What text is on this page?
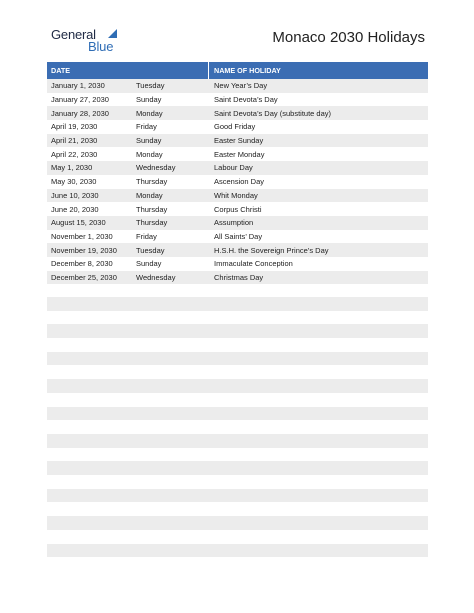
General
Blue
Monaco 2030 Holidays
DATE	NAME OF HOLIDAY
January 1, 2030	Tuesday	New Year’s Day
January 27, 2030	Sunday	Saint Devota’s Day
January 28, 2030	Monday	Saint Devota’s Day (substitute day)
April 19, 2030	Friday	Good Friday
April 21, 2030	Sunday	Easter Sunday
April 22, 2030	Monday	Easter Monday
May 1, 2030	Wednesday	Labour Day
May 30, 2030	Thursday	Ascension Day
June 10, 2030	Monday	Whit Monday
June 20, 2030	Thursday	Corpus Christi
August 15, 2030	Thursday	Assumption
November 1, 2030	Friday	All Saints’ Day
November 19, 2030	Tuesday	H.S.H. the Sovereign Prince’s Day
December 8, 2030	Sunday	Immaculate Conception
December 25, 2030	Wednesday	Christmas Day
